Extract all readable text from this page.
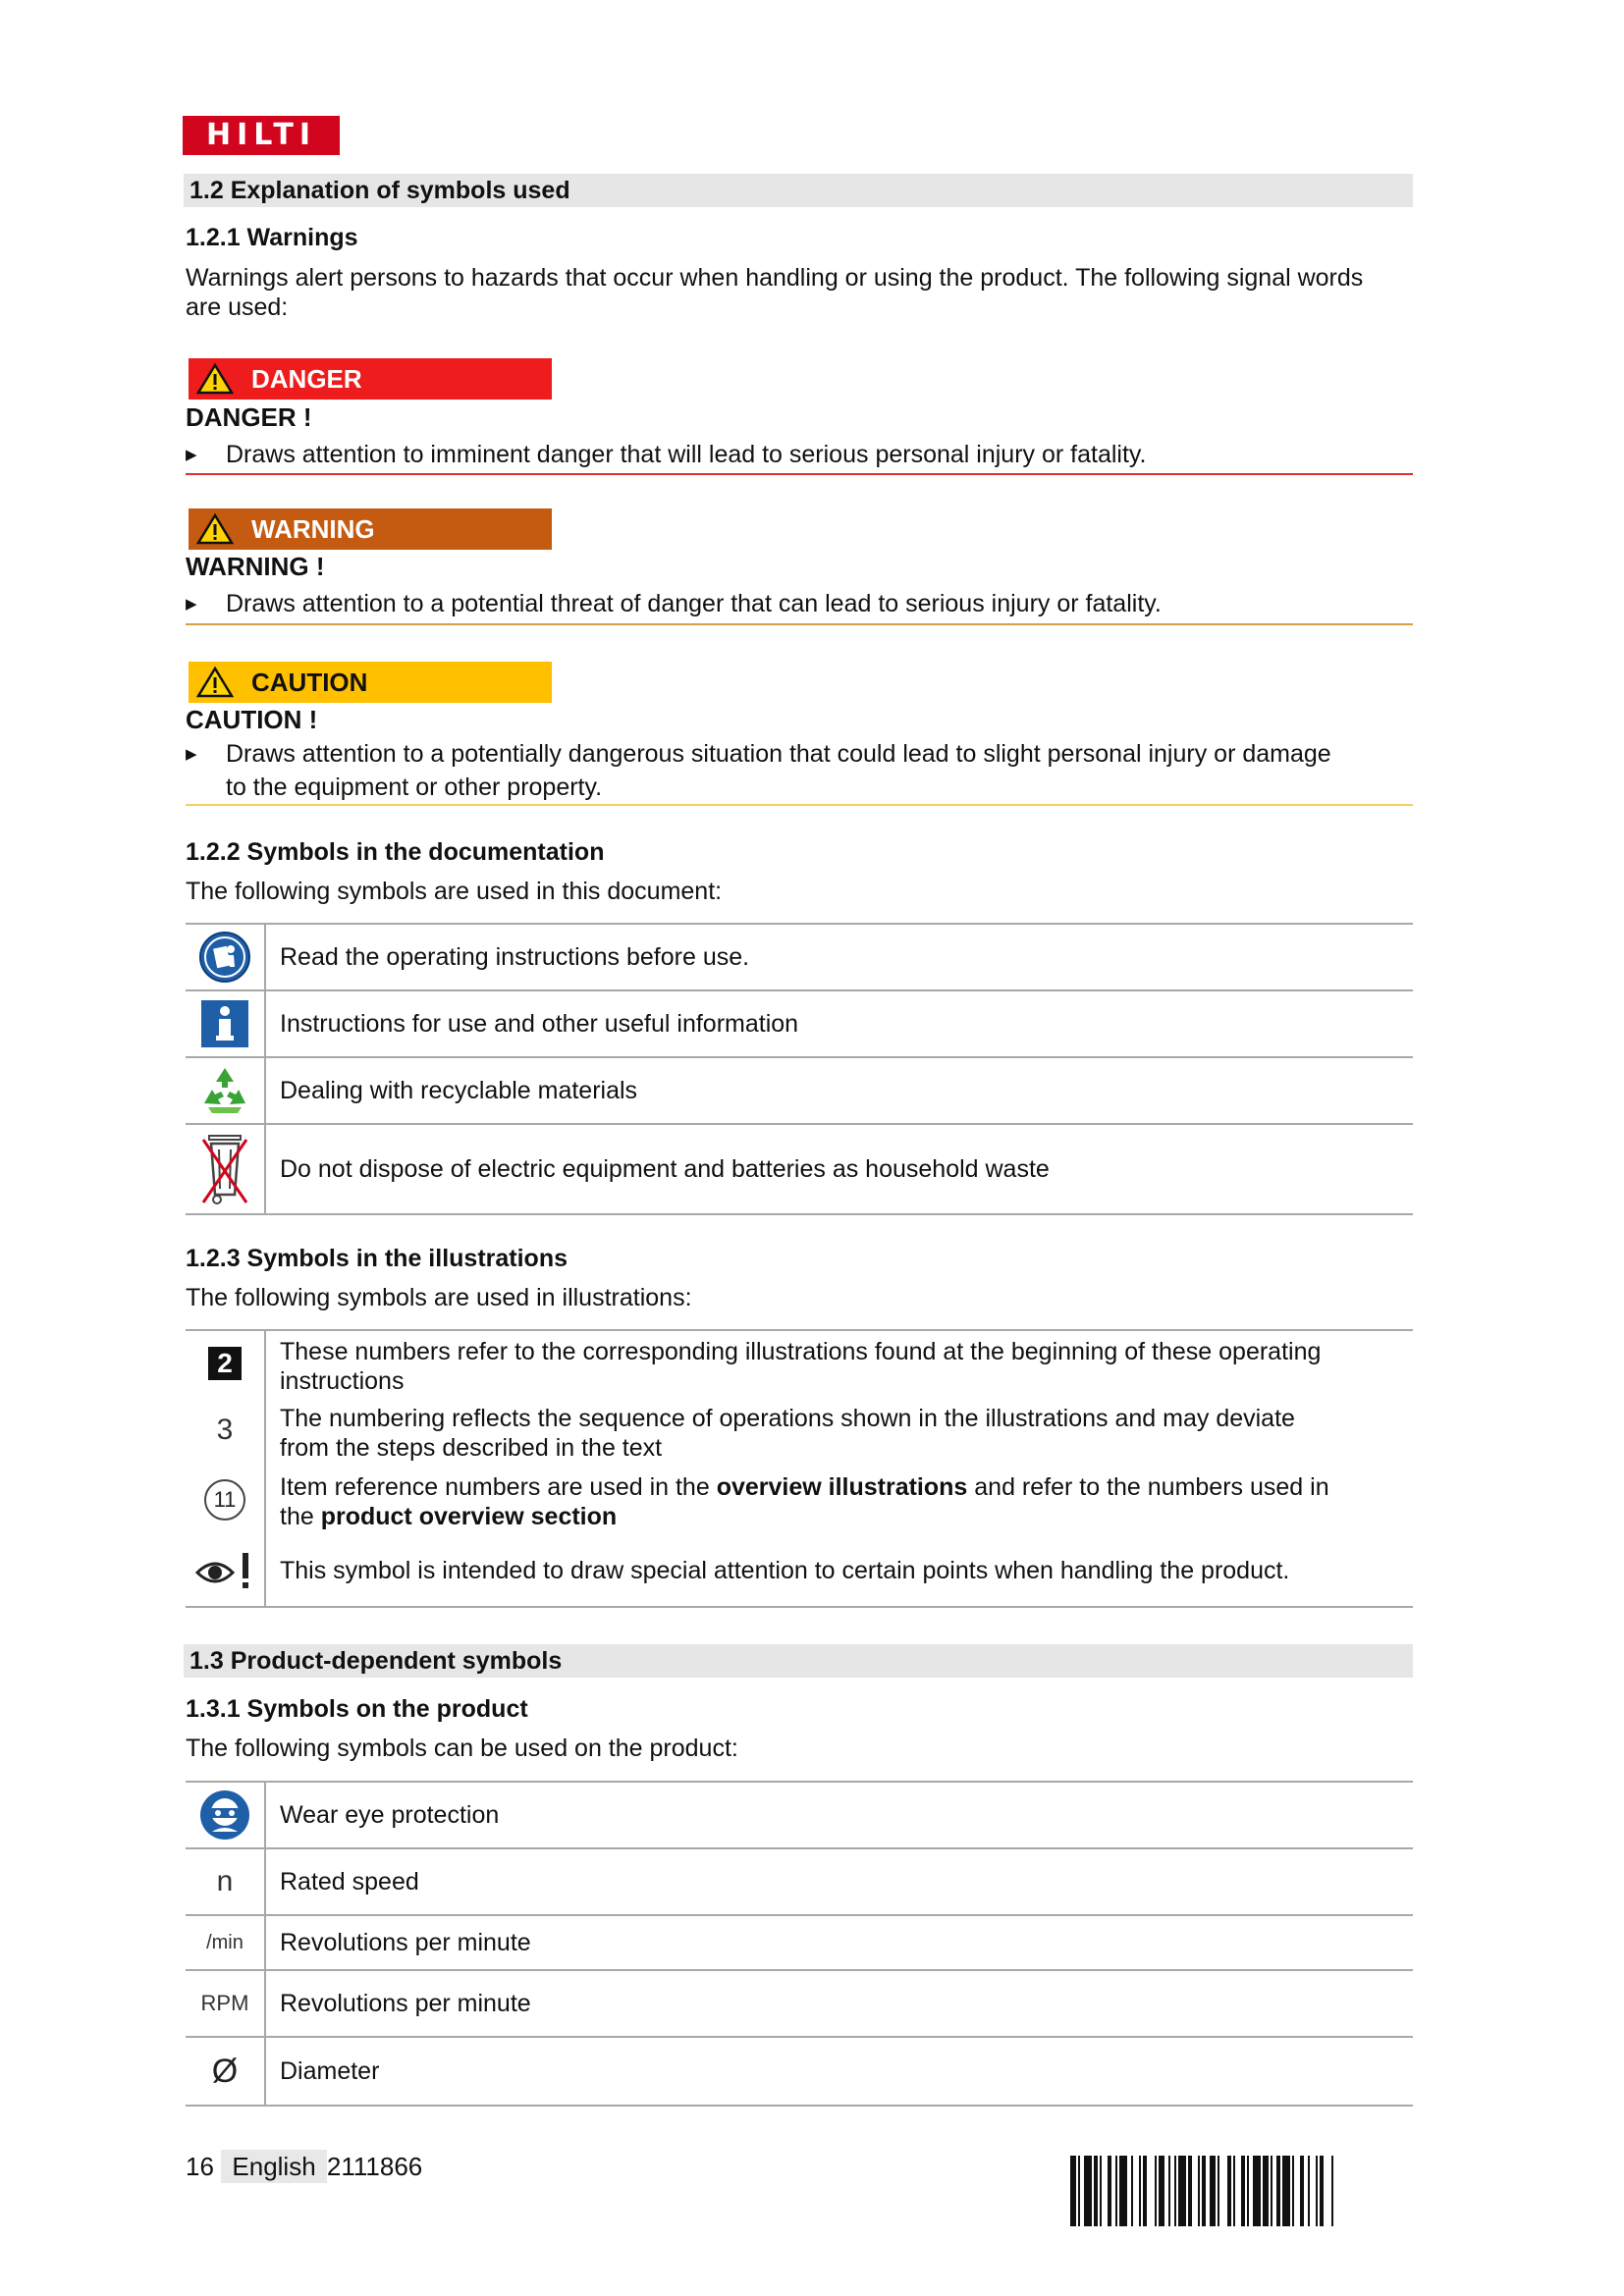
HILTI
1.2 Explanation of symbols used
1.2.1 Warnings
Warnings alert persons to hazards that occur when handling or using the product. The following signal words
are used:
DANGER
DANGER !
▶ Draws attention to imminent danger that will lead to serious personal injury or fatality.
WARNING
WARNING !
▶ Draws attention to a potential threat of danger that can lead to serious injury or fatality.
CAUTION
CAUTION !
▶ Draws attention to a potentially dangerous situation that could lead to slight personal injury or damage
to the equipment or other property.
1.2.2 Symbols in the documentation
The following symbols are used in this document:
Read the operating instructions before use.
Instructions for use and other useful information
Dealing with recyclable materials
Do not dispose of electric equipment and batteries as household waste
1.2.3 Symbols in the illustrations
The following symbols are used in illustrations:
2	These numbers refer to the corresponding illustrations found at the beginning of these operating
instructions
3 The numbering reflects the sequence of operations shown in the illustrations and may deviate
from the steps described in the text
11	Item reference numbers are used in the overview illustrations and refer to the numbers used in
the product overview section
This symbol is intended to draw special attention to certain points when handling the product.
1.3 Product-dependent symbols
1.3.1 Symbols on the product
The following symbols can be used on the product:
Wear eye protection
n Rated speed
/min Revolutions per minute
RPM Revolutions per minute
Ø Diameter
16 English 2111866
